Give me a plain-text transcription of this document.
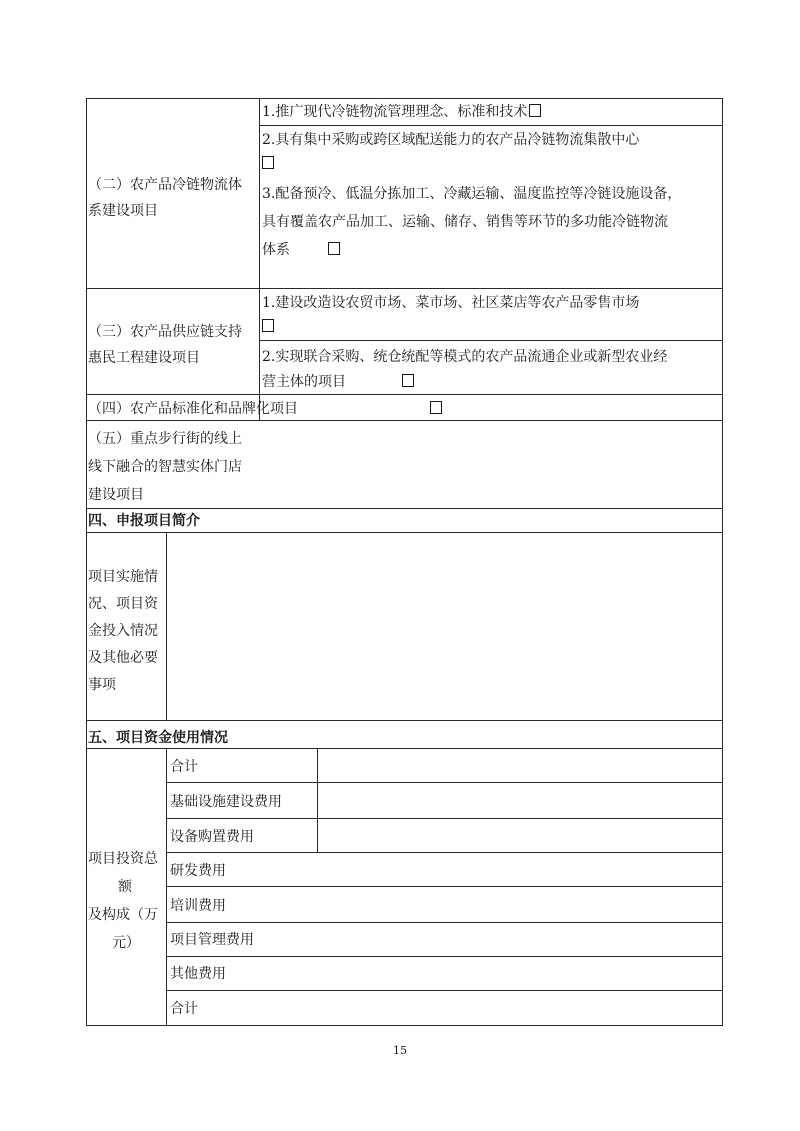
（二）农产品冷链物流体
系建设项目
1.推广现代冷链物流管理理念、标准和技术
2.具有集中采购或跨区域配送能力的农产品冷链物流集散中心
3.配备预冷、低温分拣加工、冷藏运输、温度监控等冷链设施设备，
具有覆盖农产品加工、运输、储存、销售等环节的多功能冷链物流
体系
（三）农产品供应链支持
惠民工程建设项目
1.建设改造设农贸市场、菜市场、社区菜店等农产品零售市场
2.实现联合采购、统仓统配等模式的农产品流通企业或新型农业经
营主体的项目
（四）农产品标准化和品牌化项目
（五）重点步行街的线上
线下融合的智慧实体门店
建设项目
四、申报项目简介
项目实施情
况、项目资
金投入情况
及其他必要
事项
五、项目资金使用情况
项目投资总
额
及构成（万
元）
合计
基础设施建设费用
设备购置费用
研发费用
培训费用
项目管理费用
其他费用
合计
15
